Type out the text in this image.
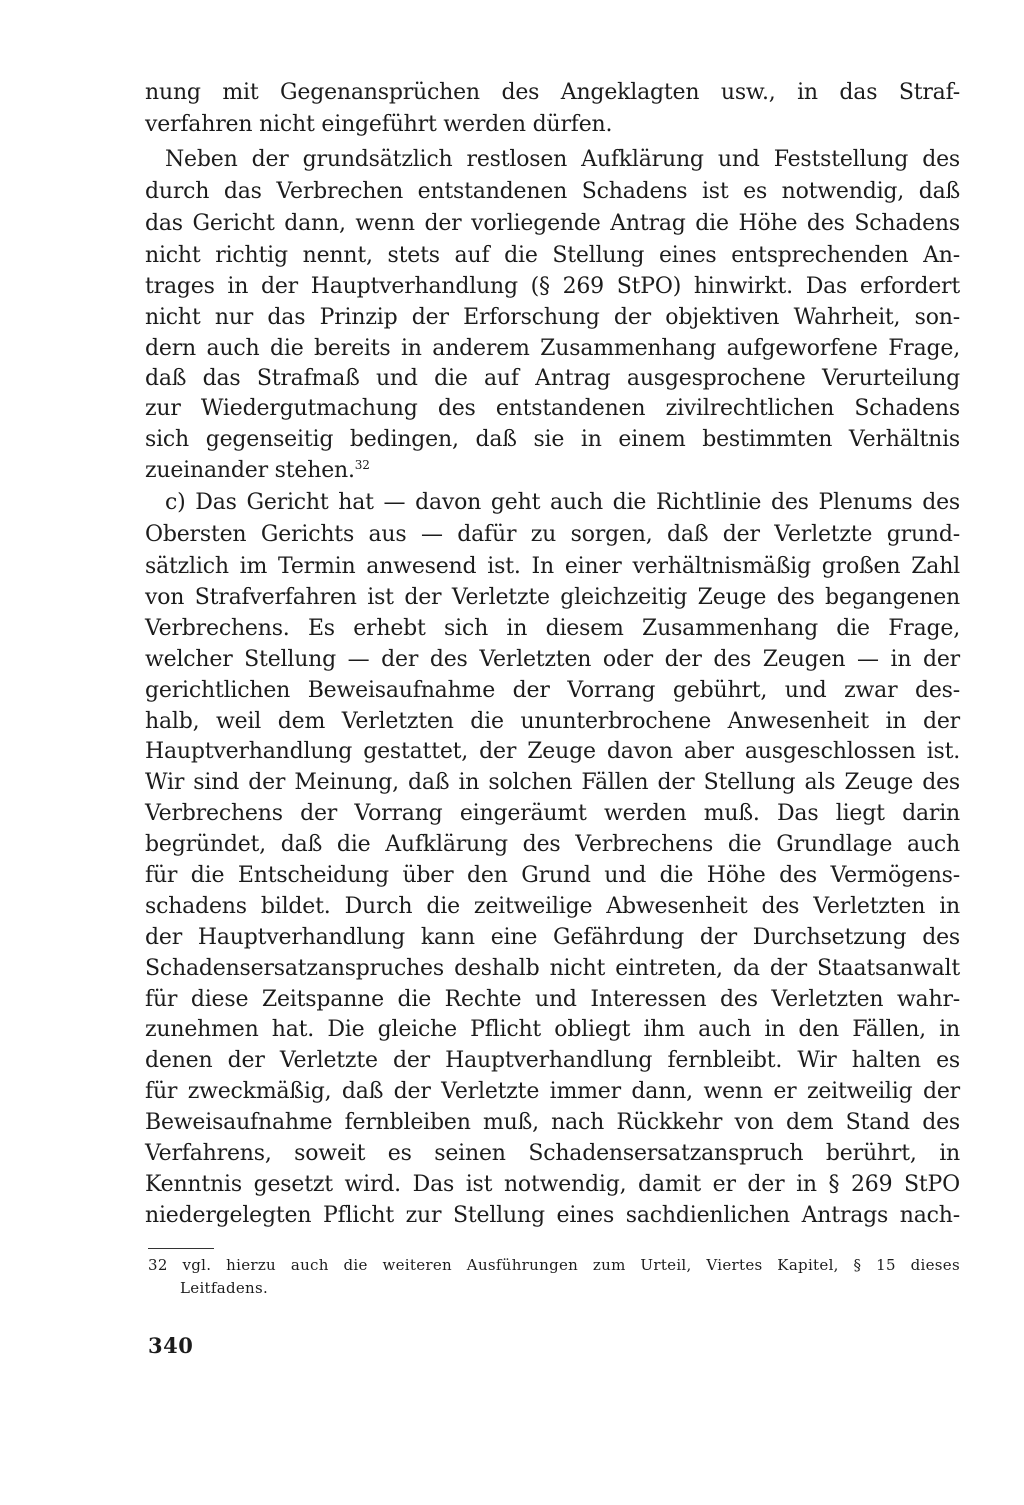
nung mit Gegenansprüchen des Angeklagten usw., in das Straf-
verfahren nicht eingeführt werden dürfen.
Neben der grundsätzlich restlosen Aufklärung und Feststellung des
durch das Verbrechen entstandenen Schadens ist es notwendig, daß
das Gericht dann, wenn der vorliegende Antrag die Höhe des Schadens
nicht richtig nennt, stets auf die Stellung eines entsprechenden An-
trages in der Hauptverhandlung (§ 269 StPO) hinwirkt. Das erfordert
nicht nur das Prinzip der Erforschung der objektiven Wahrheit, son-
dern auch die bereits in anderem Zusammenhang aufgeworfene Frage,
daß das Strafmaß und die auf Antrag ausgesprochene Verurteilung
zur Wiedergutmachung des entstandenen zivilrechtlichen Schadens
sich gegenseitig bedingen, daß sie in einem bestimmten Verhältnis
zueinander stehen.$^{32}$
c) Das Gericht hat — davon geht auch die Richtlinie des Plenums des
Obersten Gerichts aus — dafür zu sorgen, daß der Verletzte grund-
sätzlich im Termin anwesend ist. In einer verhältnismäßig großen Zahl
von Strafverfahren ist der Verletzte gleichzeitig Zeuge des begangenen
Verbrechens. Es erhebt sich in diesem Zusammenhang die Frage,
welcher Stellung — der des Verletzten oder der des Zeugen — in der
gerichtlichen Beweisaufnahme der Vorrang gebührt, und zwar des-
halb, weil dem Verletzten die ununterbrochene Anwesenheit in der
Hauptverhandlung gestattet, der Zeuge davon aber ausgeschlossen ist.
Wir sind der Meinung, daß in solchen Fällen der Stellung als Zeuge des
Verbrechens der Vorrang eingeräumt werden muß. Das liegt darin
begründet, daß die Aufklärung des Verbrechens die Grundlage auch
für die Entscheidung über den Grund und die Höhe des Vermögens-
schadens bildet. Durch die zeitweilige Abwesenheit des Verletzten in
der Hauptverhandlung kann eine Gefährdung der Durchsetzung des
Schadensersatzanspruches deshalb nicht eintreten, da der Staatsanwalt
für diese Zeitspanne die Rechte und Interessen des Verletzten wahr-
zunehmen hat. Die gleiche Pflicht obliegt ihm auch in den Fällen, in
denen der Verletzte der Hauptverhandlung fernbleibt. Wir halten es
für zweckmäßig, daß der Verletzte immer dann, wenn er zeitweilig der
Beweisaufnahme fernbleiben muß, nach Rückkehr von dem Stand des
Verfahrens, soweit es seinen Schadensersatzanspruch berührt, in
Kenntnis gesetzt wird. Das ist notwendig, damit er der in § 269 StPO
niedergelegten Pflicht zur Stellung eines sachdienlichen Antrags nach-
32 vgl. hierzu auch die weiteren Ausführungen zum Urteil, Viertes Kapitel, § 15 dieses
Leitfadens.
340
